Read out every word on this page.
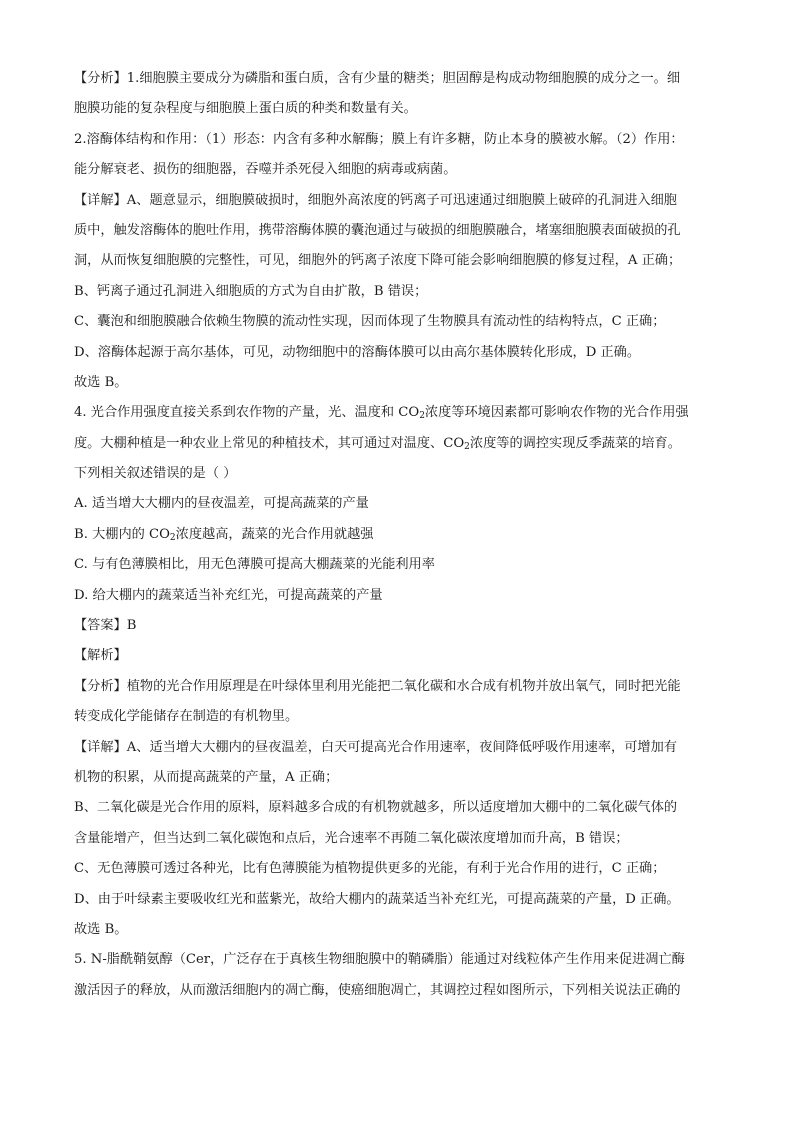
【分析】1.细胞膜主要成分为磷脂和蛋白质，含有少量的糖类；胆固醇是构成动物细胞膜的成分之一。细
胞膜功能的复杂程度与细胞膜上蛋白质的种类和数量有关。
2.溶酶体结构和作用：（1）形态：内含有多种水解酶；膜上有许多糖，防止本身的膜被水解。（2）作用：
能分解衰老、损伤的细胞器，吞噬并杀死侵入细胞的病毒或病菌。
【详解】A、题意显示，细胞膜破损时，细胞外高浓度的钙离子可迅速通过细胞膜上破碎的孔洞进入细胞
质中，触发溶酶体的胞吐作用，携带溶酶体膜的囊泡通过与破损的细胞膜融合，堵塞细胞膜表面破损的孔
洞，从而恢复细胞膜的完整性，可见，细胞外的钙离子浓度下降可能会影响细胞膜的修复过程，A 正确；
B、钙离子通过孔洞进入细胞质的方式为自由扩散，B 错误；
C、囊泡和细胞膜融合依赖生物膜的流动性实现，因而体现了生物膜具有流动性的结构特点，C 正确；
D、溶酶体起源于高尔基体，可见，动物细胞中的溶酶体膜可以由高尔基体膜转化形成，D 正确。
故选 B。
4. 光合作用强度直接关系到农作物的产量，光、温度和 $CO_2$浓度等环境因素都可影响农作物的光合作用强
度。大棚种植是一种农业上常见的种植技术，其可通过对温度、$CO_2$浓度等的调控实现反季蔬菜的培育。
下列相关叙述错误的是（ ）
A. 适当增大大棚内的昼夜温差，可提高蔬菜的产量
B. 大棚内的 $CO_2$浓度越高，蔬菜的光合作用就越强
C. 与有色薄膜相比，用无色薄膜可提高大棚蔬菜的光能利用率
D. 给大棚内的蔬菜适当补充红光，可提高蔬菜的产量
【答案】B
【解析】
【分析】植物的光合作用原理是在叶绿体里利用光能把二氧化碳和水合成有机物并放出氧气，同时把光能
转变成化学能储存在制造的有机物里。
【详解】A、适当增大大棚内的昼夜温差，白天可提高光合作用速率，夜间降低呼吸作用速率，可增加有
机物的积累，从而提高蔬菜的产量，A 正确；
B、二氧化碳是光合作用的原料，原料越多合成的有机物就越多，所以适度增加大棚中的二氧化碳气体的
含量能增产，但当达到二氧化碳饱和点后，光合速率不再随二氧化碳浓度增加而升高，B 错误；
C、无色薄膜可透过各种光，比有色薄膜能为植物提供更多的光能，有利于光合作用的进行，C 正确；
D、由于叶绿素主要吸收红光和蓝紫光，故给大棚内的蔬菜适当补充红光，可提高蔬菜的产量，D 正确。
故选 B。
5. N-脂酰鞘氨醇（Cer，广泛存在于真核生物细胞膜中的鞘磷脂）能通过对线粒体产生作用来促进凋亡酶
激活因子的释放，从而激活细胞内的凋亡酶，使癌细胞凋亡，其调控过程如图所示，下列相关说法正确的
